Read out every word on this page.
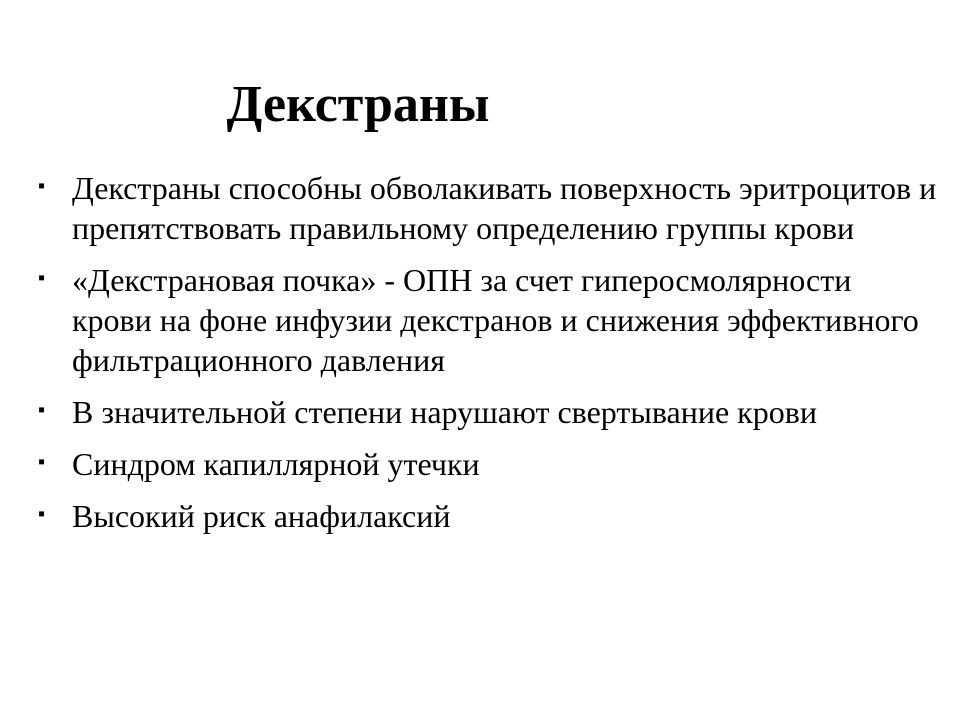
Декстраны
▪ Декстраны способны обволакивать поверхность эритроцитов и препятствовать правильному определению группы крови
▪ «Декстрановая почка» - ОПН за счет гиперосмолярности крови на фоне инфузии декстранов и снижения эффективного фильтрационного давления
▪ В значительной степени нарушают свертывание крови
▪ Синдром капиллярной утечки
▪ Высокий риск анафилаксий
